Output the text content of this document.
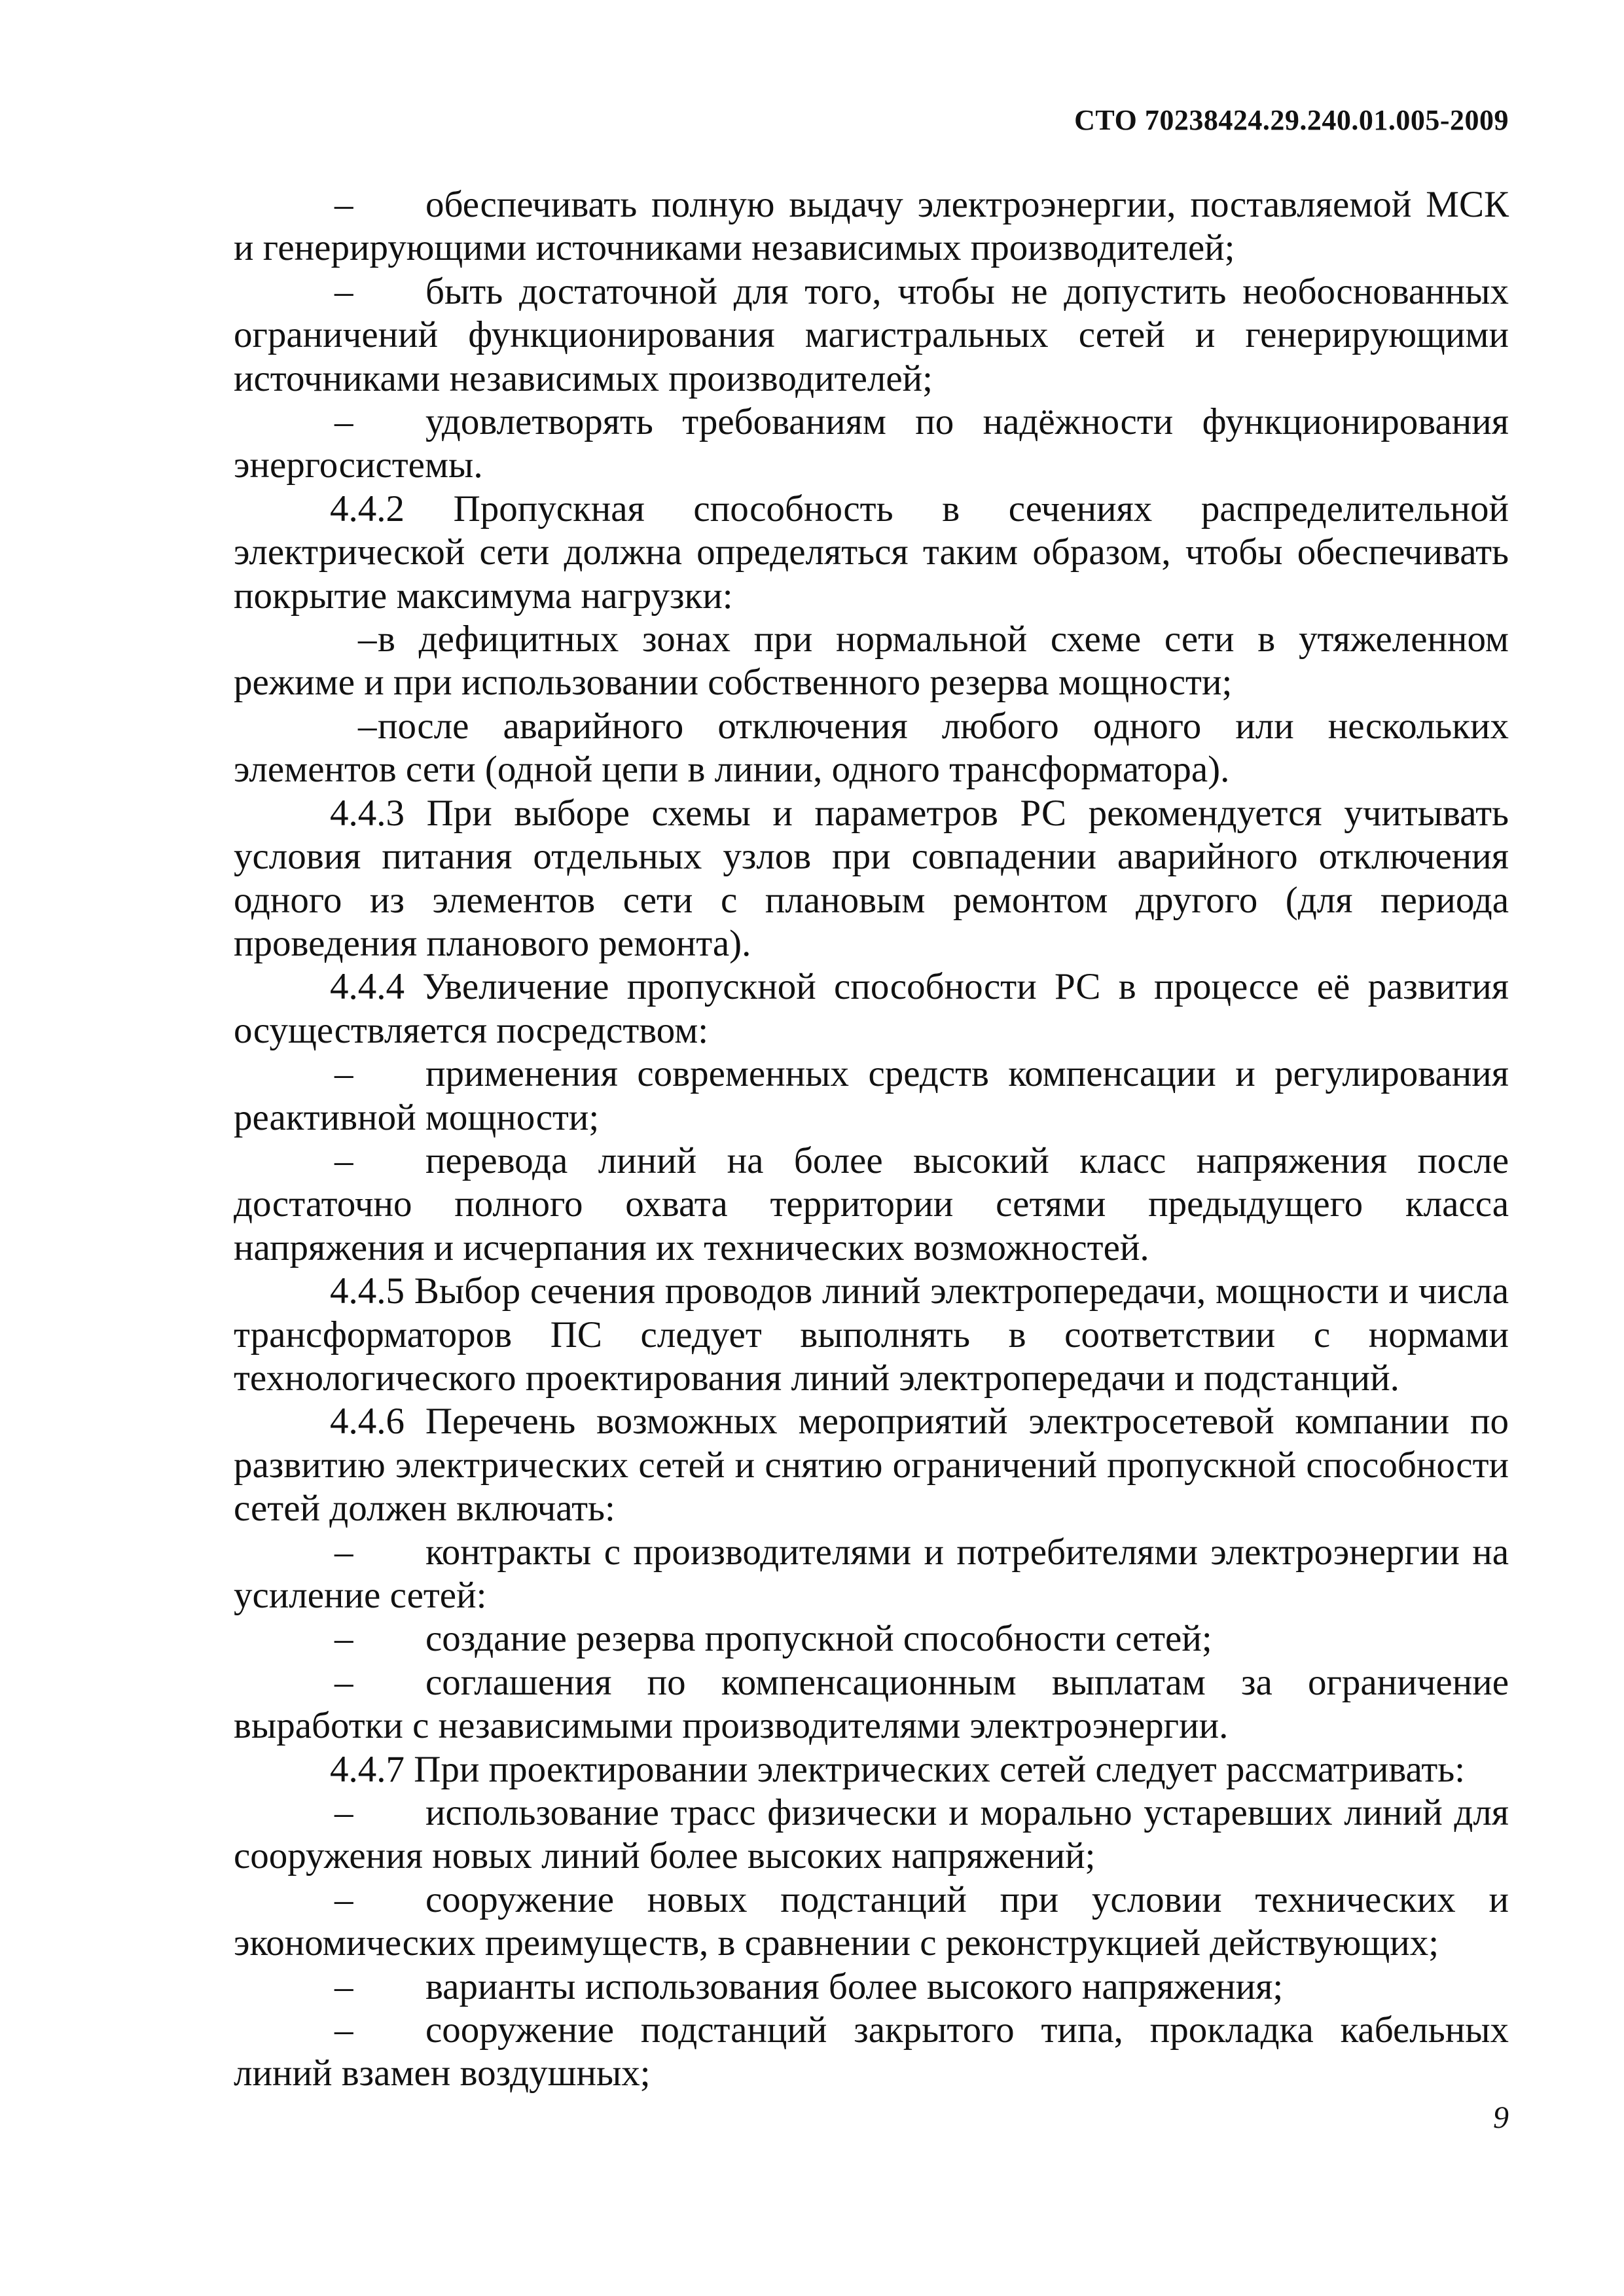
СТО 70238424.29.240.01.005-2009

– обеспечивать полную выдачу электроэнергии, поставляемой МСК и генерирующими источниками независимых производителей;

– быть достаточной для того, чтобы не допустить необоснованных ограничений функционирования магистральных сетей и генерирующими источниками независимых производителей;

– удовлетворять требованиям по надёжности функционирования энергосистемы.

4.4.2 Пропускная способность в сечениях распределительной электрической сети должна определяться таким образом, чтобы обеспечивать покрытие максимума нагрузки:

– в дефицитных зонах при нормальной схеме сети в утяжеленном режиме и при использовании собственного резерва мощности;

– после аварийного отключения любого одного или нескольких элементов сети (одной цепи в линии, одного трансформатора).

4.4.3 При выборе схемы и параметров РС рекомендуется учитывать условия питания отдельных узлов при совпадении аварийного отключения одного из элементов сети с плановым ремонтом другого (для периода проведения планового ремонта).

4.4.4 Увеличение пропускной способности РС в процессе её развития осуществляется посредством:

– применения современных средств компенсации и регулирования реактивной мощности;

– перевода линий на более высокий класс напряжения после достаточно полного охвата территории сетями предыдущего класса напряжения и исчерпания их технических возможностей.

4.4.5 Выбор сечения проводов линий электропередачи, мощности и числа трансформаторов ПС следует выполнять в соответствии с нормами технологического проектирования линий электропередачи и подстанций.

4.4.6 Перечень возможных мероприятий электросетевой компании по развитию электрических сетей и снятию ограничений пропускной способности сетей должен включать:

– контракты с производителями и потребителями электроэнергии на усиление сетей:

– создание резерва пропускной способности сетей;

– соглашения по компенсационным выплатам за ограничение выработки с независимыми производителями электроэнергии.

4.4.7 При проектировании электрических сетей следует рассматривать:

– использование трасс физически и морально устаревших линий для сооружения новых линий более высоких напряжений;

– сооружение новых подстанций при условии технических и экономических преимуществ, в сравнении с реконструкцией действующих;

– варианты использования более высокого напряжения;

– сооружение подстанций закрытого типа, прокладка кабельных линий взамен воздушных;

9
